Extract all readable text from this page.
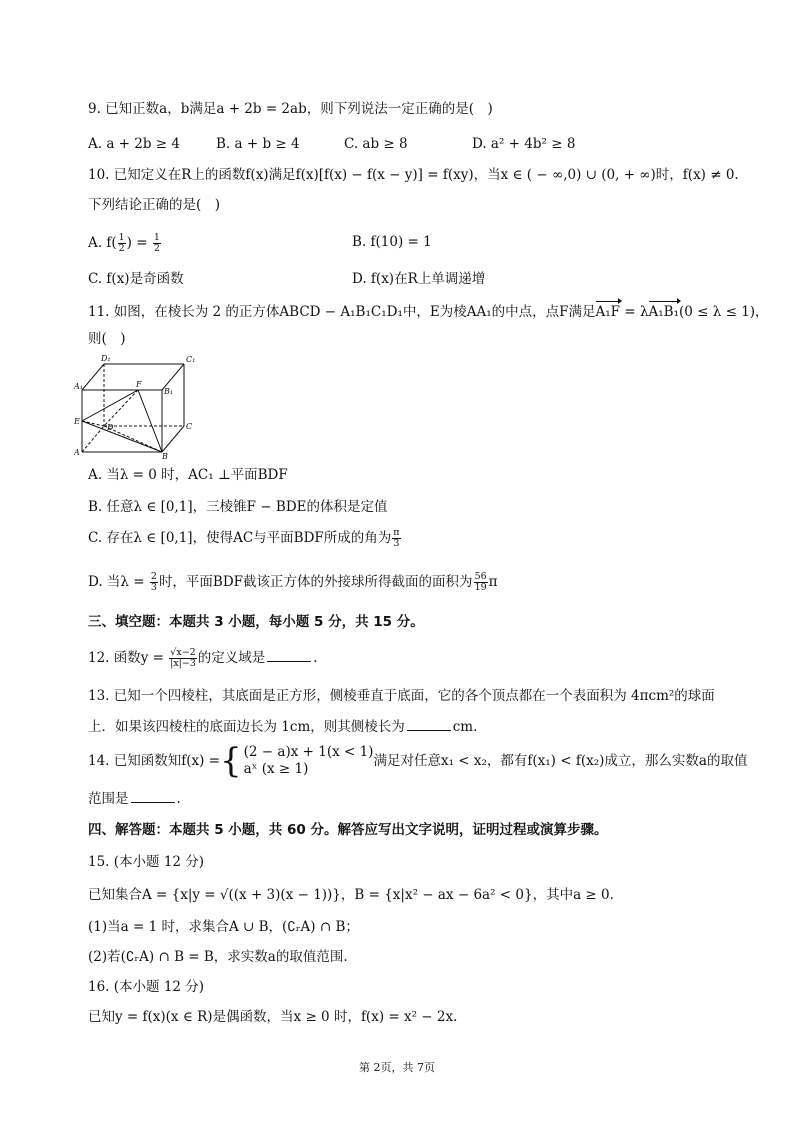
9. 已知正数a，b满足a + 2b = 2ab，则下列说法一定正确的是(　)
A. a + 2b ≥ 4	B. a + b ≥ 4	C. ab ≥ 8	D. a² + 4b² ≥ 8
10. 已知定义在R上的函数f(x)满足f(x)[f(x) − f(x − y)] = f(xy)，当x ∈ ( − ∞,0) ∪ (0, + ∞)时，f(x) ≠ 0.
下列结论正确的是(　)
A. $f( \frac{1}{2}$ ) = $\frac{1}{2}$	B. f(10) = 1
C. f(x)是奇函数	D. f(x)在R上单调递增
11. 如图，在棱长为 2 的正方体ABCD − A₁B₁C₁D₁中，E为棱AA₁的中点，点F满足A₁F = λA₁B₁(0 ≤ λ ≤ 1)，
则(　)
D₁	C₁
A₁
B₁
F
E
D	C
A	B
A. 当λ = 0 时，AC₁ ⊥平面BDF
B. 任意λ ∈ [0,1]，三棱锥F − BDE的体积是定值
C. 存在λ ∈ [0,1]，使得AC与平面BDF所成的角为 $\frac{\pi}{3}$
D. 当$\lambda = \frac{2}{3}$ 时，平面BDF截该正方体的外接球所得截面的面积为 $\frac{56}{19}$ π
三、填空题：本题共 3 小题，每小题 5 分，共 15 分。
12. 函数$y = \frac{√x-2}{|x|-3}$ 的定义域是	.
13. 已知一个四棱柱，其底面是正方形，侧棱垂直于底面，它的各个顶点都在一个表面积为 4πcm²的球面
上．如果该四棱柱的底面边长为 1cm，则其侧棱长为	cm.
14. 已知函数知f(x) = { (2 − a)x + 1(x < 1)
aˣ (x ≥ 1)
满足对任意x₁ < x₂，都有f(x₁) < f(x₂)成立，那么实数a的取值
范围是	.
四、解答题：本题共 5 小题，共 60 分。解答应写出文字说明，证明过程或演算步骤。
15. (本小题 12 分)
已知集合A = {x|y = √((x + 3)(x − 1))}，B = {x|x² − ax − 6a² < 0}，其中a ≥ 0.
(1)当a = 1 时，求集合A ∪ B，(∁ᵣA) ∩ B；
(2)若(∁ᵣA) ∩ B = B，求实数a的取值范围.
16. (本小题 12 分)
已知y = f(x)(x ∈ R)是偶函数，当x ≥ 0 时，f(x) = x² − 2x.
第 2页，共 7页
